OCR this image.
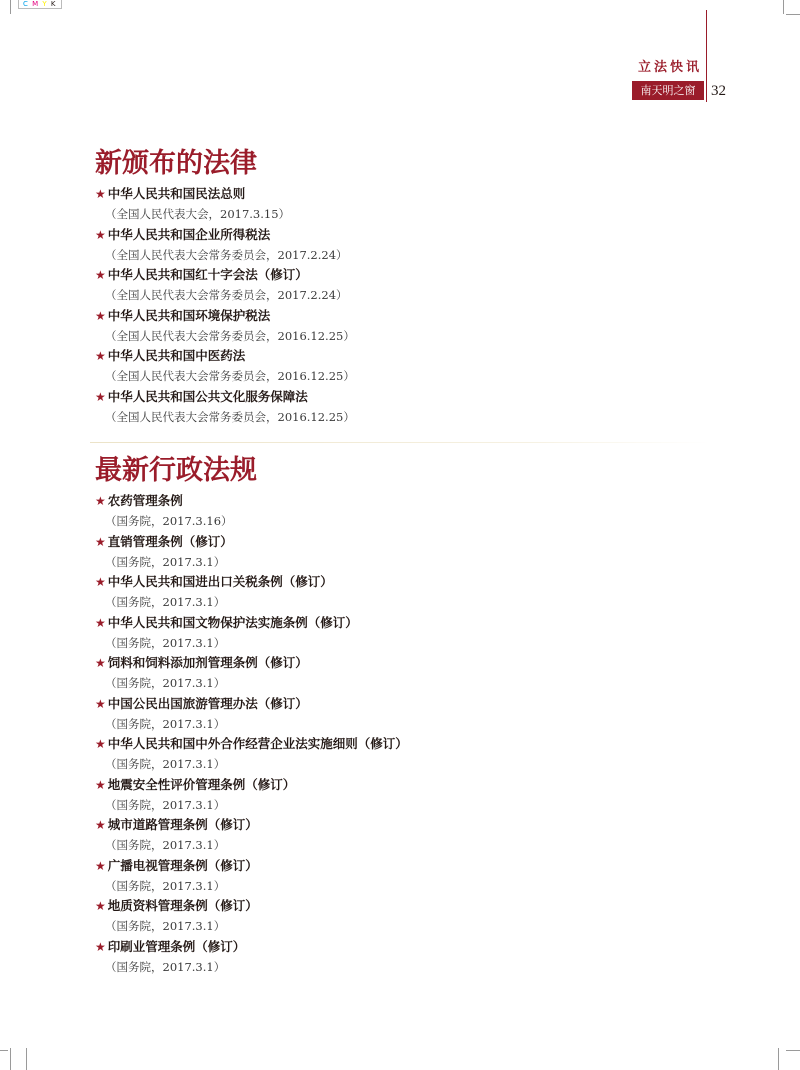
C M Y K
立法快讯
南天明之窗	32
新颁布的法律
★ 中华人民共和国民法总则
（全国人民代表大会，2017.3.15）
★ 中华人民共和国企业所得税法
（全国人民代表大会常务委员会，2017.2.24）
★ 中华人民共和国红十字会法（修订）
（全国人民代表大会常务委员会，2017.2.24）
★ 中华人民共和国环境保护税法
（全国人民代表大会常务委员会，2016.12.25）
★ 中华人民共和国中医药法
（全国人民代表大会常务委员会，2016.12.25）
★ 中华人民共和国公共文化服务保障法
（全国人民代表大会常务委员会，2016.12.25）
最新行政法规
★ 农药管理条例
（国务院，2017.3.16）
★ 直销管理条例（修订）
（国务院，2017.3.1）
★ 中华人民共和国进出口关税条例（修订）
（国务院，2017.3.1）
★ 中华人民共和国文物保护法实施条例（修订）
（国务院，2017.3.1）
★ 饲料和饲料添加剂管理条例（修订）
（国务院，2017.3.1）
★ 中国公民出国旅游管理办法（修订）
（国务院，2017.3.1）
★ 中华人民共和国中外合作经营企业法实施细则（修订）
（国务院，2017.3.1）
★ 地震安全性评价管理条例（修订）
（国务院，2017.3.1）
★ 城市道路管理条例（修订）
（国务院，2017.3.1）
★ 广播电视管理条例（修订）
（国务院，2017.3.1）
★ 地质资料管理条例（修订）
（国务院，2017.3.1）
★ 印刷业管理条例（修订）
（国务院，2017.3.1）
